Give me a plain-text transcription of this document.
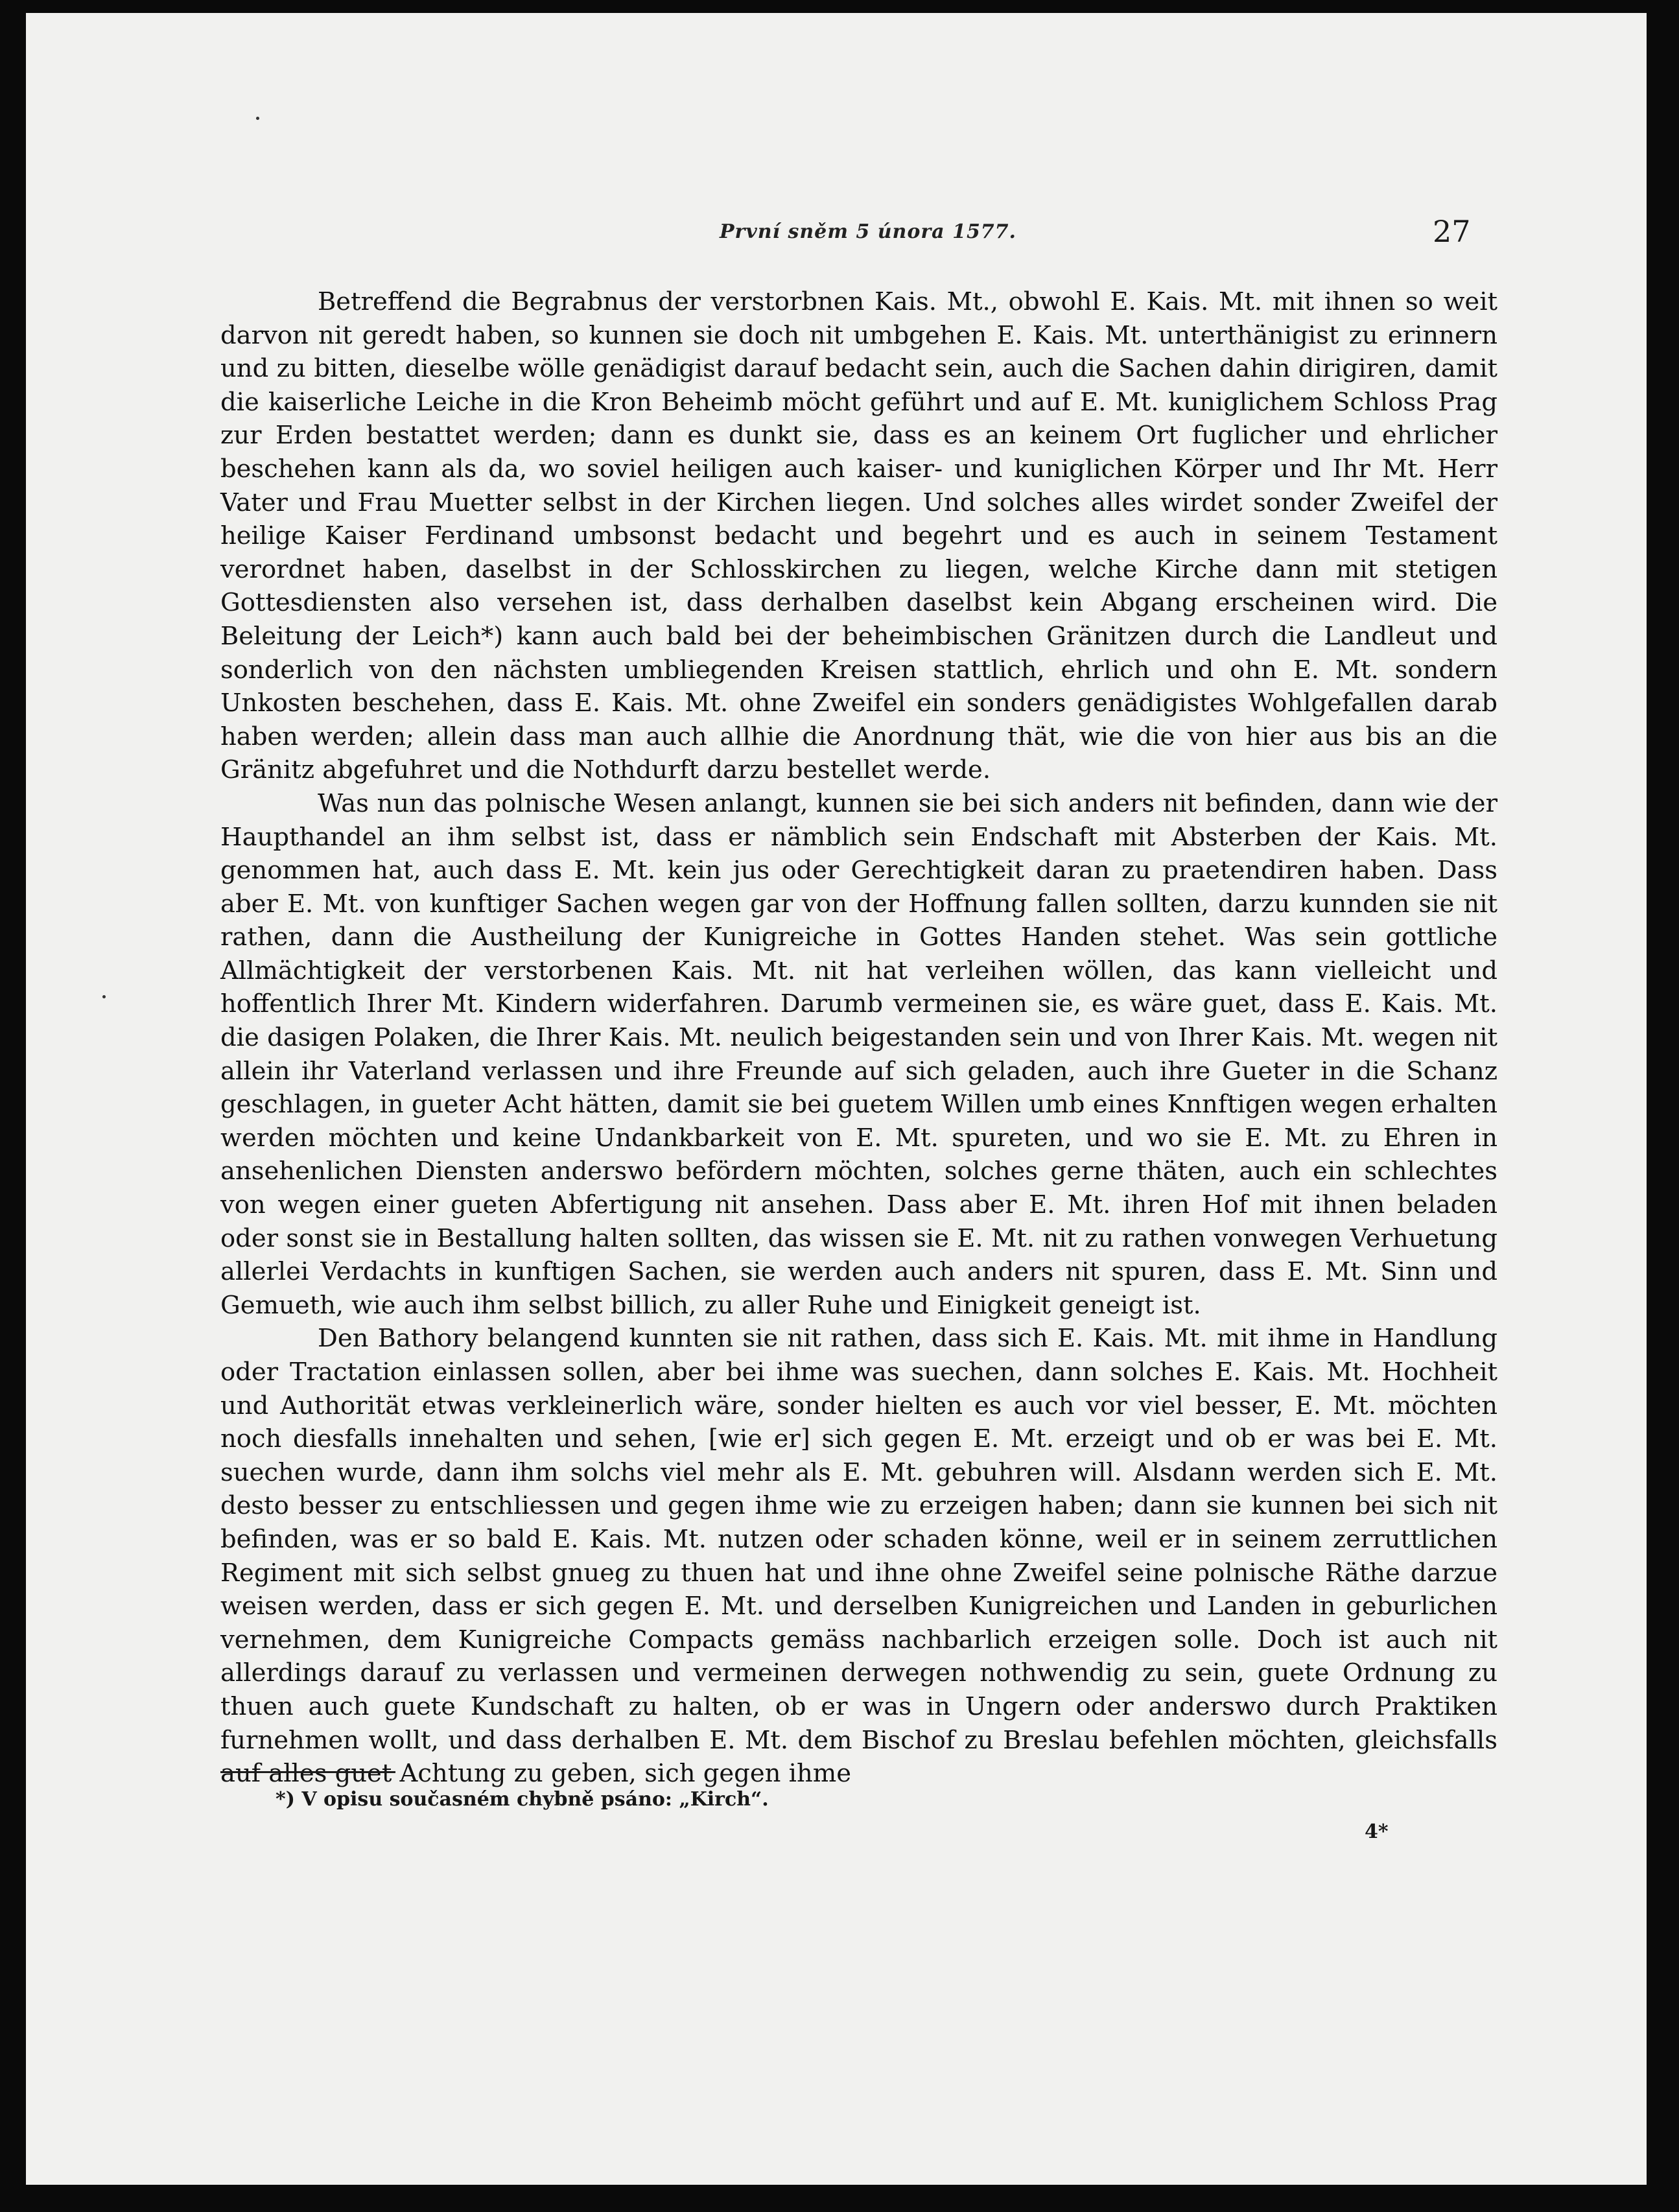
První sněm 5 února 1577.	27

Betreffend die Begrabnus der verstorbnen Kais. Mt., obwohl E. Kais. Mt. mit ihnen so weit darvon nit geredt haben, so kunnen sie doch nit umbgehen E. Kais. Mt. unterthänigist zu erinnern und zu bitten, dieselbe wölle genädigist darauf bedacht sein, auch die Sachen dahin dirigiren, damit die kaiserliche Leiche in die Kron Beheimb möcht geführt und auf E. Mt. kuniglichem Schloss Prag zur Erden bestattet werden; dann es dunkt sie, dass es an keinem Ort fuglicher und ehrlicher beschehen kann als da, wo soviel heiligen auch kaiser- und kuniglichen Körper und Ihr Mt. Herr Vater und Frau Muetter selbst in der Kirchen liegen. Und solches alles wirdet sonder Zweifel der heilige Kaiser Ferdinand umbsonst bedacht und begehrt und es auch in seinem Testament verordnet haben, daselbst in der Schlosskirchen zu liegen, welche Kirche dann mit stetigen Gottesdiensten also versehen ist, dass derhalben daselbst kein Abgang erscheinen wird. Die Beleitung der Leich*) kann auch bald bei der beheimbischen Gränitzen durch die Landleut und sonderlich von den nächsten umbliegenden Kreisen stattlich, ehrlich und ohn E. Mt. sondern Unkosten beschehen, dass E. Kais. Mt. ohne Zweifel ein sonders genädigistes Wohlgefallen darab haben werden; allein dass man auch allhie die Anordnung thät, wie die von hier aus bis an die Gränitz abgefuhret und die Nothdurft darzu bestellet werde.

Was nun das polnische Wesen anlangt, kunnen sie bei sich anders nit befinden, dann wie der Haupthandel an ihm selbst ist, dass er nämblich sein Endschaft mit Absterben der Kais. Mt. genommen hat, auch dass E. Mt. kein jus oder Gerechtigkeit daran zu praetendiren haben. Dass aber E. Mt. von kunftiger Sachen wegen gar von der Hoffnung fallen sollten, darzu kunnden sie nit rathen, dann die Austheilung der Kunigreiche in Gottes Handen stehet. Was sein gottliche Allmächtigkeit der verstorbenen Kais. Mt. nit hat verleihen wöllen, das kann vielleicht und hoffentlich Ihrer Mt. Kindern widerfahren. Darumb vermeinen sie, es wäre guet, dass E. Kais. Mt. die dasigen Polaken, die Ihrer Kais. Mt. neulich beigestanden sein und von Ihrer Kais. Mt. wegen nit allein ihr Vaterland verlassen und ihre Freunde auf sich geladen, auch ihre Gueter in die Schanz geschlagen, in gueter Acht hätten, damit sie bei guetem Willen umb eines Knnftigen wegen erhalten werden möchten und keine Undankbarkeit von E. Mt. spureten, und wo sie E. Mt. zu Ehren in ansehenlichen Diensten anderswo befördern möchten, solches gerne thäten, auch ein schlechtes von wegen einer gueten Abfertigung nit ansehen. Dass aber E. Mt. ihren Hof mit ihnen beladen oder sonst sie in Bestallung halten sollten, das wissen sie E. Mt. nit zu rathen vonwegen Verhuetung allerlei Verdachts in kunftigen Sachen, sie werden auch anders nit spuren, dass E. Mt. Sinn und Gemueth, wie auch ihm selbst billich, zu aller Ruhe und Einigkeit geneigt ist.

Den Bathory belangend kunnten sie nit rathen, dass sich E. Kais. Mt. mit ihme in Handlung oder Tractation einlassen sollen, aber bei ihme was suechen, dann solches E. Kais. Mt. Hochheit und Authorität etwas verkleinerlich wäre, sonder hielten es auch vor viel besser, E. Mt. möchten noch diesfalls innehalten und sehen, [wie er] sich gegen E. Mt. erzeigt und ob er was bei E. Mt. suechen wurde, dann ihm solchs viel mehr als E. Mt. gebuhren will. Alsdann werden sich E. Mt. desto besser zu entschliessen und gegen ihme wie zu erzeigen haben; dann sie kunnen bei sich nit befinden, was er so bald E. Kais. Mt. nutzen oder schaden könne, weil er in seinem zerruttlichen Regiment mit sich selbst gnueg zu thuen hat und ihne ohne Zweifel seine polnische Räthe darzue weisen werden, dass er sich gegen E. Mt. und derselben Kunigreichen und Landen in geburlichen vernehmen, dem Kunigreiche Compacts gemäss nachbarlich erzeigen solle. Doch ist auch nit allerdings darauf zu verlassen und vermeinen derwegen nothwendig zu sein, guete Ordnung zu thuen auch guete Kundschaft zu halten, ob er was in Ungern oder anderswo durch Praktiken furnehmen wollt, und dass derhalben E. Mt. dem Bischof zu Breslau befehlen möchten, gleichsfalls auf alles guet Achtung zu geben, sich gegen ihme

*) V opisu současném chybně psáno: „Kirch“.
4*
